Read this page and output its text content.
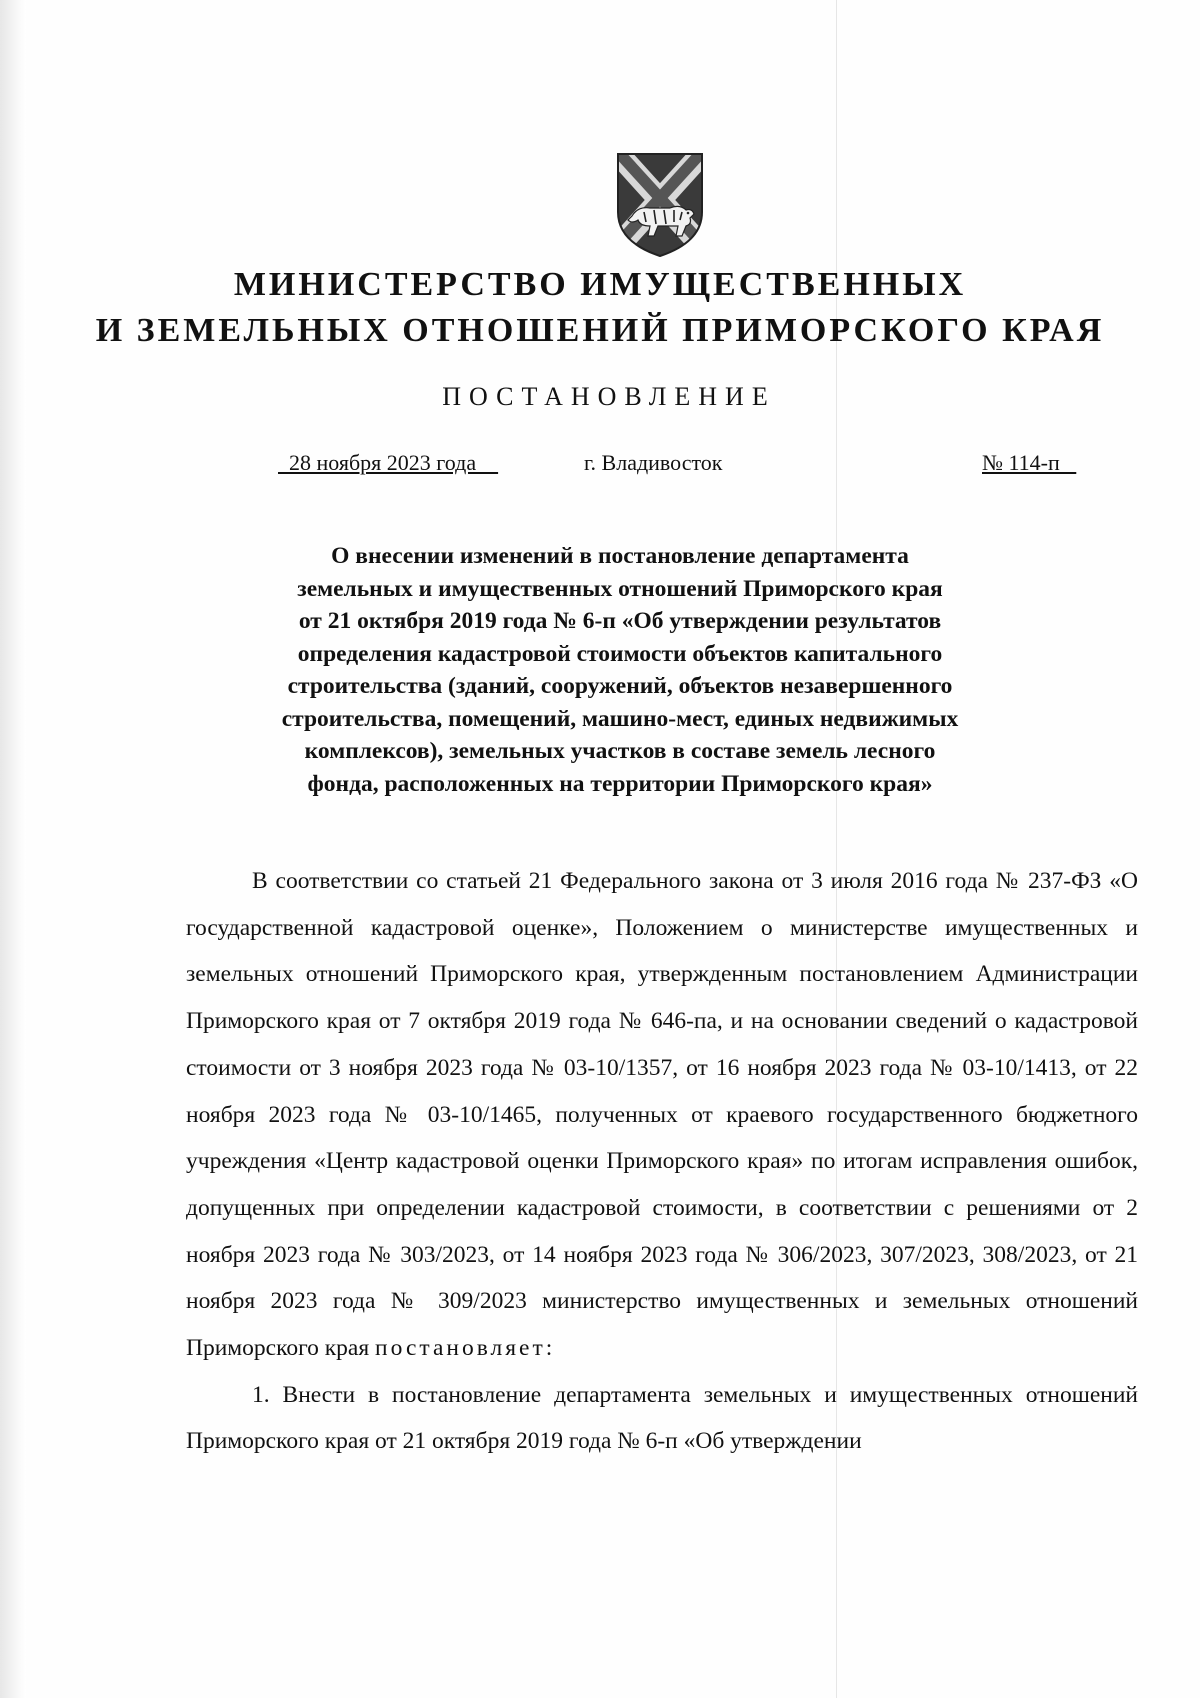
МИНИСТЕРСТВО ИМУЩЕСТВЕННЫХ
И ЗЕМЕЛЬНЫХ ОТНОШЕНИЙ ПРИМОРСКОГО КРАЯ
ПОСТАНОВЛЕНИЕ
28 ноября 2023 года	г. Владивосток	№ 114-п
О внесении изменений в постановление департамента
земельных и имущественных отношений Приморского края
от 21 октября 2019 года № 6-п «Об утверждении результатов
определения кадастровой стоимости объектов капитального
строительства (зданий, сооружений, объектов незавершенного
строительства, помещений, машино-мест, единых недвижимых
комплексов), земельных участков в составе земель лесного
фонда, расположенных на территории Приморского края»

В соответствии со статьей 21 Федерального закона от 3 июля 2016 года № 237-ФЗ «О государственной кадастровой оценке», Положением о министерстве имущественных и земельных отношений Приморского края, утвержденным постановлением Администрации Приморского края от 7 октября 2019 года № 646-па, и на основании сведений о кадастровой стоимости от 3 ноября 2023 года № 03-10/1357, от 16 ноября 2023 года № 03-10/1413, от 22 ноября 2023 года № 03-10/1465, полученных от краевого государственного бюджетного учреждения «Центр кадастровой оценки Приморского края» по итогам исправления ошибок, допущенных при определении кадастровой стоимости, в соответствии с решениями от 2 ноября 2023 года № 303/2023, от 14 ноября 2023 года № 306/2023, 307/2023, 308/2023, от 21 ноября 2023 года № 309/2023 министерство имущественных и земельных отношений Приморского края постановляет:

1. Внести в постановление департамента земельных и имущественных отношений Приморского края от 21 октября 2019 года № 6-п «Об утверждении
